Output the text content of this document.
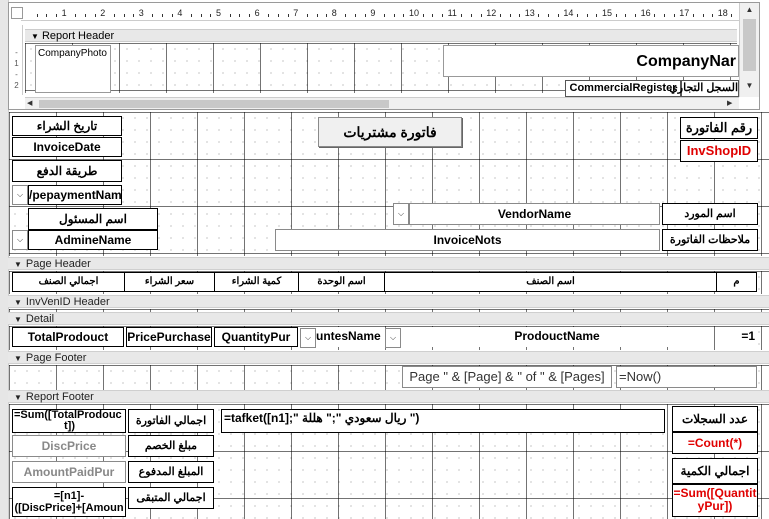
1	2	3	4	5	6	7	8	9	10	11	12	13	14	15	16	17	18
-
1
-
2
▼ Report Header
CompanyPhoto	CompanyNar
CommercialRegister
السجل التجاري :
▲
▼
◀	▶
تاريخ الشراء
InvoiceDate
طريقة الدفع
⌵ /pepaymentNam
اسم المسئول
⌵	AdmineName
فاتورة مشتريات	رقم الفاتورة
InvShopID
اسم المورد
⌵	VendorName
ملاحظات الفاتورة
InvoiceNots
▼ Page Header
اجمالي الصنف	سعر الشراء	كمية الشراء	اسم الوحدة	اسم الصنف	م
▼ InvVenID Header
▼ Detail
TotalProdouct	PricePurchase QuantityPur	⌵ untesName	⌵	ProdouctName	=1
▼ Page Footer
Page " & [Page] & " of " & [Pages]	=Now()
▼ Report Footer
=Sum([TotalProdouc
t])	اجمالي الفاتورة
DiscPrice	مبلغ الخصم
AmountPaidPur	المبلغ المدفوع
=[n1]-
([DiscPrice]+[Amoun
اجمالي المتبقى
=tafket([n1];" ريال سعودي ";" هللة ")	عدد السجلات
=Count(*)
اجمالي الكمية
=Sum([Quantit
yPur])
